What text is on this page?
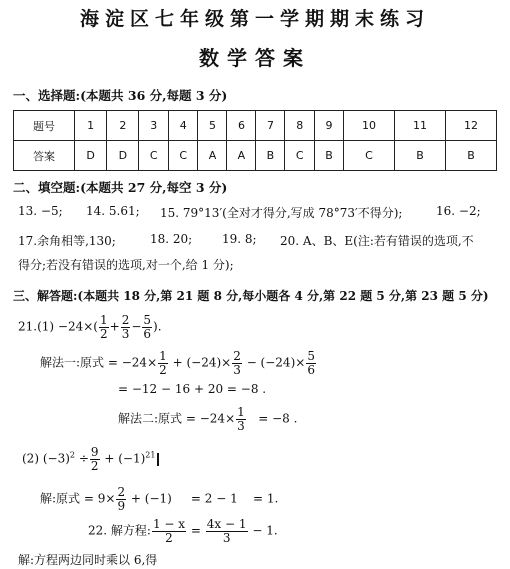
海淀区七年级第一学期期末练习
数学答案
一、选择题:(本题共 36 分,每题 3 分)
题号	1	2	3	4	5	6	7	8	9	10	11	12
答案	D	D	C	C	A	A	B	C	B	C	B	B
二、填空题:(本题共 27 分,每空 3 分)
13. −5; 14. 5.61; 15. 79°13′(全对才得分,写成 78°73′不得分);	16. −2;
17.余角相等,130;	18. 20; 19. 8; 20. A、B、E(注:若有错误的选项,不
得分;若没有错误的选项,对一个,给 1 分);
三、解答题:(本题共 18 分,第 21 题 8 分,每小题各 4 分,第 22 题 5 分,第 23 题 5 分)
$21.(1) -24\times( \frac{1}{2} + \frac{2}{3} - \frac{5}{6}$ ).
解法一:原式 = $-24\times \frac{1}{2} + (-24)\times \frac{2}{3} - (-24)\times \frac{5}{6}$
= −12 − 16 + 20 = −8 .
解法二:原式 = $-24\times \frac{1}{3} = -8$ .
(2) $(-3)^2 \div \frac{9}{2} + (-1)^{21}$
解:原式 = $9\times \frac{2}{9} + (-1) = 2 - 1 = 1$.
22. 解方程: $\frac{1 - x}{2} = \frac{4x - 1}{3} - 1$.
解:方程两边同时乘以 6,得
